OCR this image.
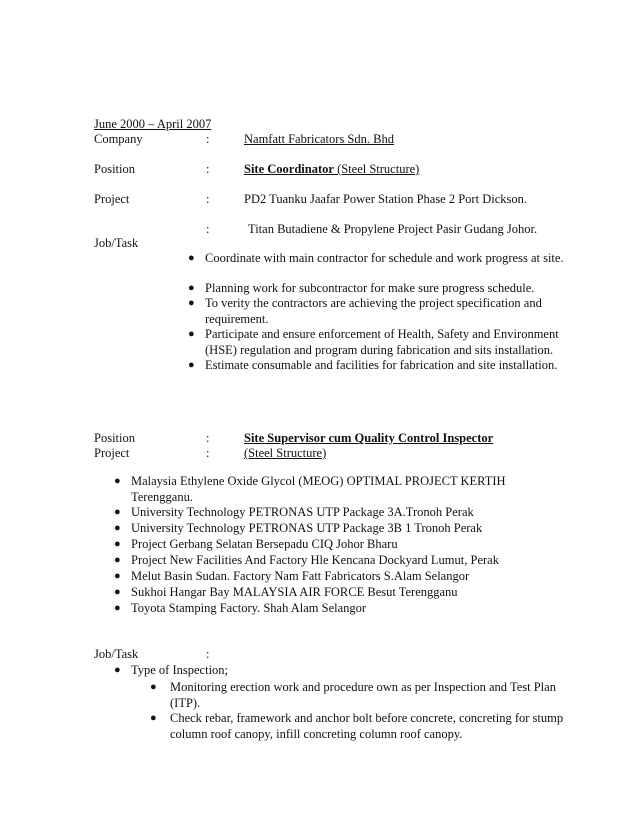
June 2000 – April 2007
Company	:	Namfatt Fabricators Sdn. Bhd
Position	:	Site Coordinator (Steel Structure)
Project	:	PD2 Tuanku Jaafar Power Station Phase 2 Port Dickson.
:	Titan Butadiene & Propylene Project Pasir Gudang Johor.
Job/Task
● Coordinate with main contractor for schedule and work progress at site.
● Planning work for subcontractor for make sure progress schedule.
● To verity the contractors are achieving the project specification and requirement.
● Participate and ensure enforcement of Health, Safety and Environment (HSE) regulation and program during fabrication and sits installation.
● Estimate consumable and facilities for fabrication and site installation.
Position	:	Site Supervisor cum Quality Control Inspector
Project	:	(Steel Structure)
● Malaysia Ethylene Oxide Glycol (MEOG) OPTIMAL PROJECT KERTIH Terengganu.
● University Technology PETRONAS UTP Package 3A.Tronoh Perak
● University Technology PETRONAS UTP Package 3B 1 Tronoh Perak
● Project Gerbang Selatan Bersepadu CIQ Johor Bharu
● Project New Facilities And Factory Hle Kencana Dockyard Lumut, Perak
● Melut Basin Sudan. Factory Nam Fatt Fabricators S.Alam Selangor
● Sukhoi Hangar Bay MALAYSIA AIR FORCE Besut Terengganu
● Toyota Stamping Factory. Shah Alam Selangor
Job/Task	:
● Type of Inspection;
● Monitoring erection work and procedure own as per Inspection and Test Plan (ITP).
● Check rebar, framework and anchor bolt before concrete, concreting for stump column roof canopy, infill concreting column roof canopy.
